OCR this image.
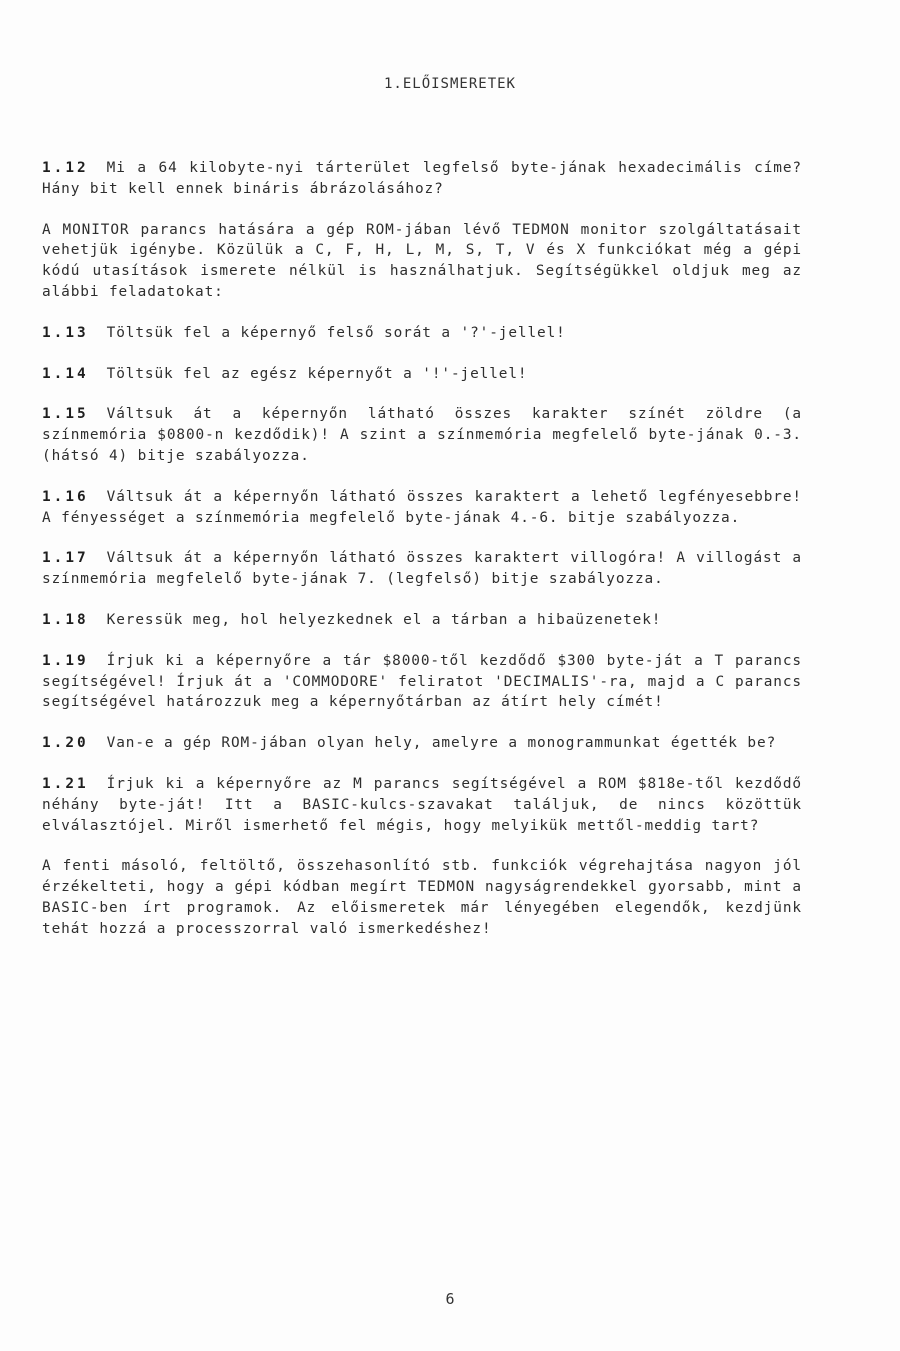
1.ELŐISMERETEK

1.12 Mi a 64 kilobyte-nyi tárterület legfelső byte-jának hexadecimális címe? Hány bit kell ennek bináris ábrázolásához?

A MONITOR parancs hatására a gép ROM-jában lévő TEDMON monitor szolgáltatásait vehetjük igénybe. Közülük a C, F, H, L, M, S, T, V és X funkciókat még a gépi kódú utasítások ismerete nélkül is használhatjuk. Segítségükkel oldjuk meg az alábbi feladatokat:

1.13 Töltsük fel a képernyő felső sorát a '?'-jellel!

1.14 Töltsük fel az egész képernyőt a '!'-jellel!

1.15 Váltsuk át a képernyőn látható összes karakter színét zöldre (a színmemória $0800-n kezdődik)! A szint a színmemória megfelelő byte-jának 0.-3. (hátsó 4) bitje szabályozza.

1.16 Váltsuk át a képernyőn látható összes karaktert a lehető legfényesebbre! A fényességet a színmemória megfelelő byte-jának 4.-6. bitje szabályozza.

1.17 Váltsuk át a képernyőn látható összes karaktert villogóra! A villogást a színmemória megfelelő byte-jának 7. (legfelső) bitje szabályozza.

1.18 Keressük meg, hol helyezkednek el a tárban a hibaüzenetek!

1.19 Írjuk ki a képernyőre a tár $8000-től kezdődő $300 byte-ját a T parancs segítségével! Írjuk át a 'COMMODORE' feliratot 'DECIMALIS'-ra, majd a C parancs segítségével határozzuk meg a képernyőtárban az átírt hely címét!

1.20 Van-e a gép ROM-jában olyan hely, amelyre a monogrammunkat égették be?

1.21 Írjuk ki a képernyőre az M parancs segítségével a ROM $818e-től kezdődő néhány byte-ját! Itt a BASIC-kulcs-szavakat találjuk, de nincs közöttük elválasztójel. Miről ismerhető fel mégis, hogy melyikük mettől-meddig tart?

A fenti másoló, feltöltő, összehasonlító stb. funkciók végrehajtása nagyon jól érzékelteti, hogy a gépi kódban megírt TEDMON nagyságrendekkel gyorsabb, mint a BASIC-ben írt programok. Az előismeretek már lényegében elegendők, kezdjünk tehát hozzá a processzorral való ismerkedéshez!

6
